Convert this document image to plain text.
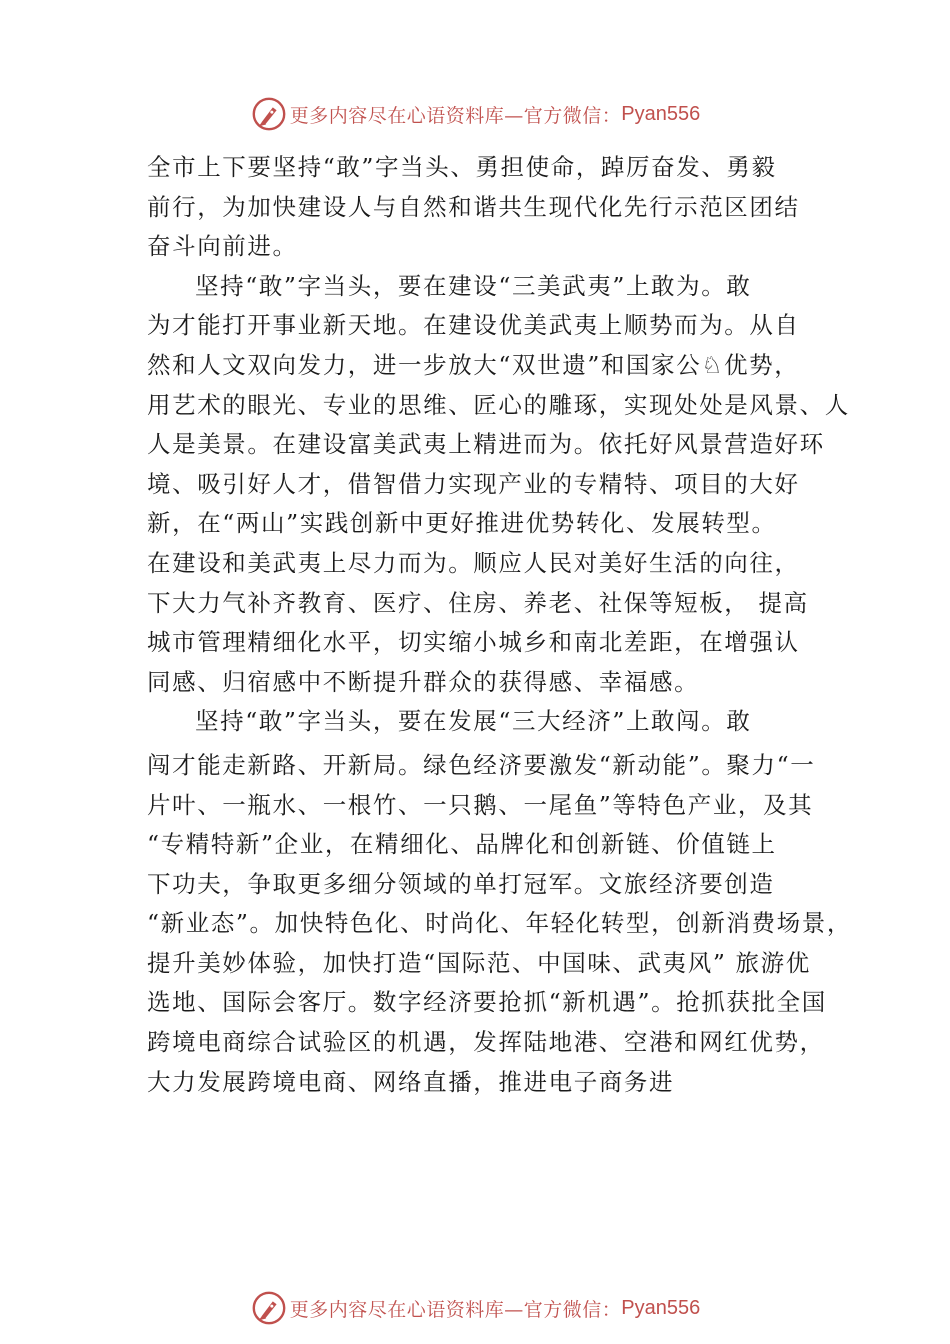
更多内容尽在心语资料库—官方微信： Pyan556
全市上下要坚持“敢”字当头、勇担使命，踔厉奋发、勇毅
前行，为加快建设人与自然和谐共生现代化先行示范区团结
奋斗向前进。
坚持“敢”字当头，要在建设“三美武夷”上敢为。敢
为才能打开事业新天地。在建设优美武夷上顺势而为。从自
然和人文双向发力，进一步放大“双世遗”和国家公♘优势，
用艺术的眼光、专业的思维、匠心的雕琢，实现处处是风景、人
人是美景。在建设富美武夷上精进而为。依托好风景营造好环
境、吸引好人才，借智借力实现产业的专精特、项目的大好
新，在“两山”实践创新中更好推进优势转化、发展转型。
在建设和美武夷上尽力而为。顺应人民对美好生活的向往，
下大力气补齐教育、医疗、住房、养老、社保等短板， 提高
城市管理精细化水平，切实缩小城乡和南北差距，在增强认
同感、归宿感中不断提升群众的获得感、幸福感。
坚持“敢”字当头，要在发展“三大经济”上敢闯。敢
闯才能走新路、开新局。绿色经济要激发“新动能”。聚力“一
片叶、一瓶水、一根竹、一只鹅、一尾鱼”等特色产业，及其
“专精特新”企业，在精细化、品牌化和创新链、价值链上
下功夫，争取更多细分领域的单打冠军。文旅经济要创造
“新业态”。加快特色化、时尚化、年轻化转型，创新消费场景，
提升美妙体验，加快打造“国际范、中国味、武夷风” 旅游优
选地、国际会客厅。数字经济要抢抓“新机遇”。抢抓获批全国
跨境电商综合试验区的机遇，发挥陆地港、空港和网红优势，
大力发展跨境电商、网络直播，推进电子商务进
更多内容尽在心语资料库—官方微信： Pyan556
